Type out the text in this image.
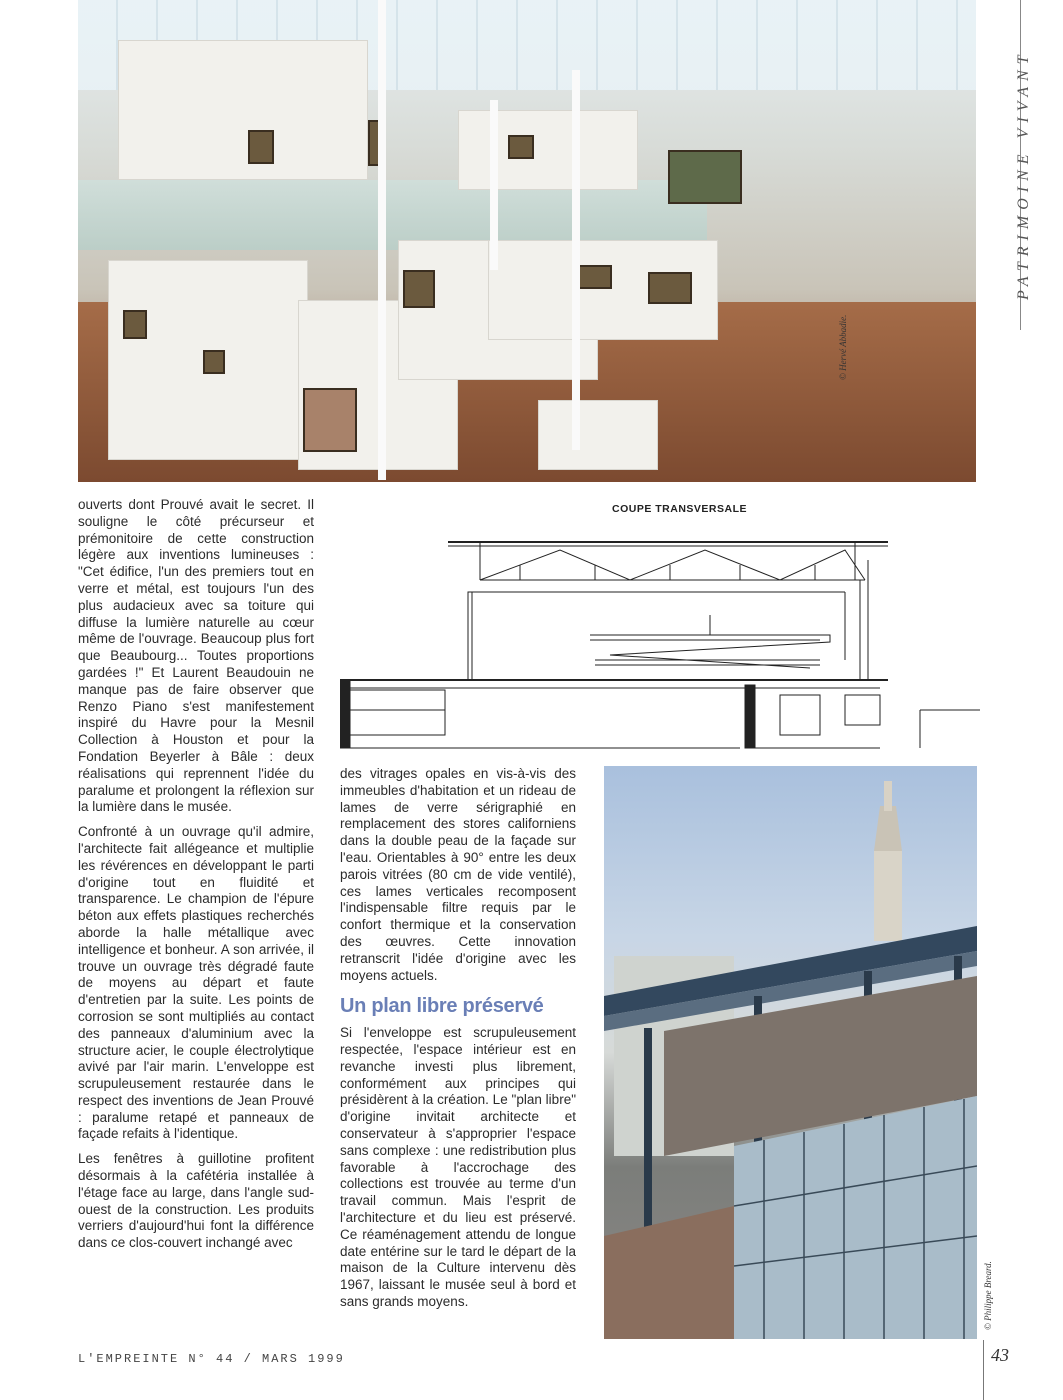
© Hervé Abbadie.
PATRIMOINE VIVANT

ouverts dont Prouvé avait le secret. Il souligne le côté précurseur et prémonitoire de cette construction légère aux inventions lumineuses : "Cet édifice, l'un des premiers tout en verre et métal, est toujours l'un des plus audacieux avec sa toiture qui diffuse la lumière naturelle au cœur même de l'ouvrage. Beaucoup plus fort que Beaubourg... Toutes proportions gardées !" Et Laurent Beaudouin ne manque pas de faire observer que Renzo Piano s'est manifestement inspiré du Havre pour la Mesnil Collection à Houston et pour la Fondation Beyerler à Bâle : deux réalisations qui reprennent l'idée du paralume et prolongent la réflexion sur la lumière dans le musée.

Confronté à un ouvrage qu'il admire, l'architecte fait allégeance et multiplie les révérences en développant le parti d'origine tout en fluidité et transparence. Le champion de l'épure béton aux effets plastiques recherchés aborde la halle métallique avec intelligence et bonheur. A son arrivée, il trouve un ouvrage très dégradé faute de moyens au départ et faute d'entretien par la suite. Les points de corrosion se sont multipliés au contact des panneaux d'aluminium avec la structure acier, le couple électrolytique avivé par l'air marin. L'enveloppe est scrupuleusement restaurée dans le respect des inventions de Jean Prouvé : paralume retapé et panneaux de façade refaits à l'identique.

Les fenêtres à guillotine profitent désormais à la cafétéria installée à l'étage face au large, dans l'angle sud-ouest de la construction. Les produits verriers d'aujourd'hui font la différence dans ce clos-couvert inchangé avec

COUPE TRANSVERSALE

des vitrages opales en vis-à-vis des immeubles d'habitation et un rideau de lames de verre sérigraphié en remplacement des stores californiens dans la double peau de la façade sur l'eau. Orientables à 90° entre les deux parois vitrées (80 cm de vide ventilé), ces lames verticales recomposent l'indispensable filtre requis par le confort thermique et la conservation des œuvres. Cette innovation retranscrit l'idée d'origine avec les moyens actuels.

Un plan libre préservé

Si l'enveloppe est scrupuleusement respectée, l'espace intérieur est en revanche investi plus librement, conformément aux principes qui présidèrent à la création. Le "plan libre" d'origine invitait architecte et conservateur à s'approprier l'espace sans complexe : une redistribution plus favorable à l'accrochage des collections est trouvée au terme d'un travail commun. Mais l'esprit de l'architecture et du lieu est préservé. Ce réaménagement attendu de longue date entérine sur le tard le départ de la maison de la Culture intervenu dès 1967, laissant le musée seul à bord et sans grands moyens.	© Philippe Breard.
L'EMPREINTE N° 44 / MARS 1999	43
